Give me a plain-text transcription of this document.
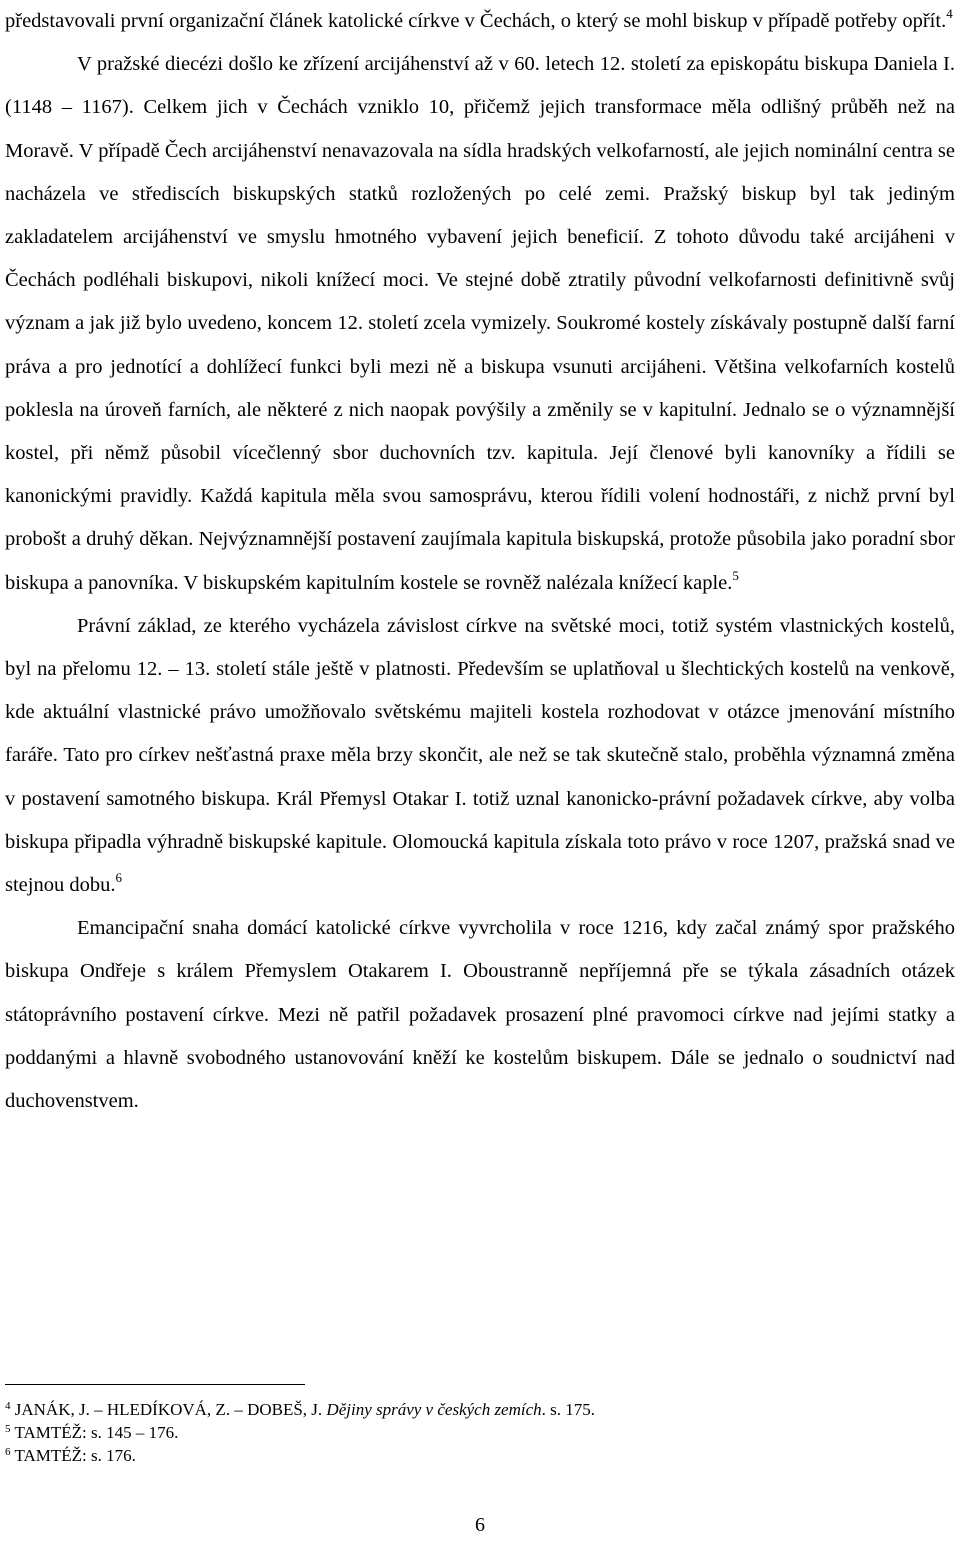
představovali první organizační článek katolické církve v Čechách, o který se mohl biskup v případě potřeby opřít.$^4$

V pražské diecézi došlo ke zřízení arcijáhenství až v 60. letech 12. století za episkopátu biskupa Daniela I. (1148 – 1167). Celkem jich v Čechách vzniklo 10, přičemž jejich transformace měla odlišný průběh než na Moravě. V případě Čech arcijáhenství nenavazovala na sídla hradských velkofarností, ale jejich nominální centra se nacházela ve střediscích biskupských statků rozložených po celé zemi. Pražský biskup byl tak jediným zakladatelem arcijáhenství ve smyslu hmotného vybavení jejich beneficií. Z tohoto důvodu také arcijáheni v Čechách podléhali biskupovi, nikoli knížecí moci. Ve stejné době ztratily původní velkofarnosti definitivně svůj význam a jak již bylo uvedeno, koncem 12. století zcela vymizely. Soukromé kostely získávaly postupně další farní práva a pro jednotící a dohlížecí funkci byli mezi ně a biskupa vsunuti arcijáheni. Většina velkofarních kostelů poklesla na úroveň farních, ale některé z nich naopak povýšily a změnily se v kapitulní. Jednalo se o významnější kostel, při němž působil vícečlenný sbor duchovních tzv. kapitula. Její členové byli kanovníky a řídili se kanonickými pravidly. Každá kapitula měla svou samosprávu, kterou řídili volení hodnostáři, z nichž první byl probošt a druhý děkan. Nejvýznamnější postavení zaujímala kapitula biskupská, protože působila jako poradní sbor biskupa a panovníka. V biskupském kapitulním kostele se rovněž nalézala knížecí kaple.$^5$

Právní základ, ze kterého vycházela závislost církve na světské moci, totiž systém vlastnických kostelů, byl na přelomu 12. – 13. století stále ještě v platnosti. Především se uplatňoval u šlechtických kostelů na venkově, kde aktuální vlastnické právo umožňovalo světskému majiteli kostela rozhodovat v otázce jmenování místního faráře. Tato pro církev nešťastná praxe měla brzy skončit, ale než se tak skutečně stalo, proběhla významná změna v postavení samotného biskupa. Král Přemysl Otakar I. totiž uznal kanonicko-právní požadavek církve, aby volba biskupa připadla výhradně biskupské kapitule. Olomoucká kapitula získala toto právo v roce 1207, pražská snad ve stejnou dobu.$^6$

Emancipační snaha domácí katolické církve vyvrcholila v roce 1216, kdy začal známý spor pražského biskupa Ondřeje s králem Přemyslem Otakarem I. Oboustranně nepříjemná pře se týkala zásadních otázek státoprávního postavení církve. Mezi ně patřil požadavek prosazení plné pravomoci církve nad jejími statky a poddanými a hlavně svobodného ustanovování kněží ke kostelům biskupem. Dále se jednalo o soudnictví nad duchovenstvem.

$^4$ JANÁK, J. – HLEDÍKOVÁ, Z. – DOBEŠ, J. Dějiny správy v českých zemích. s. 175.

$^5$ TAMTÉŽ: s. 145 – 176.

$^6$ TAMTÉŽ: s. 176.

6
